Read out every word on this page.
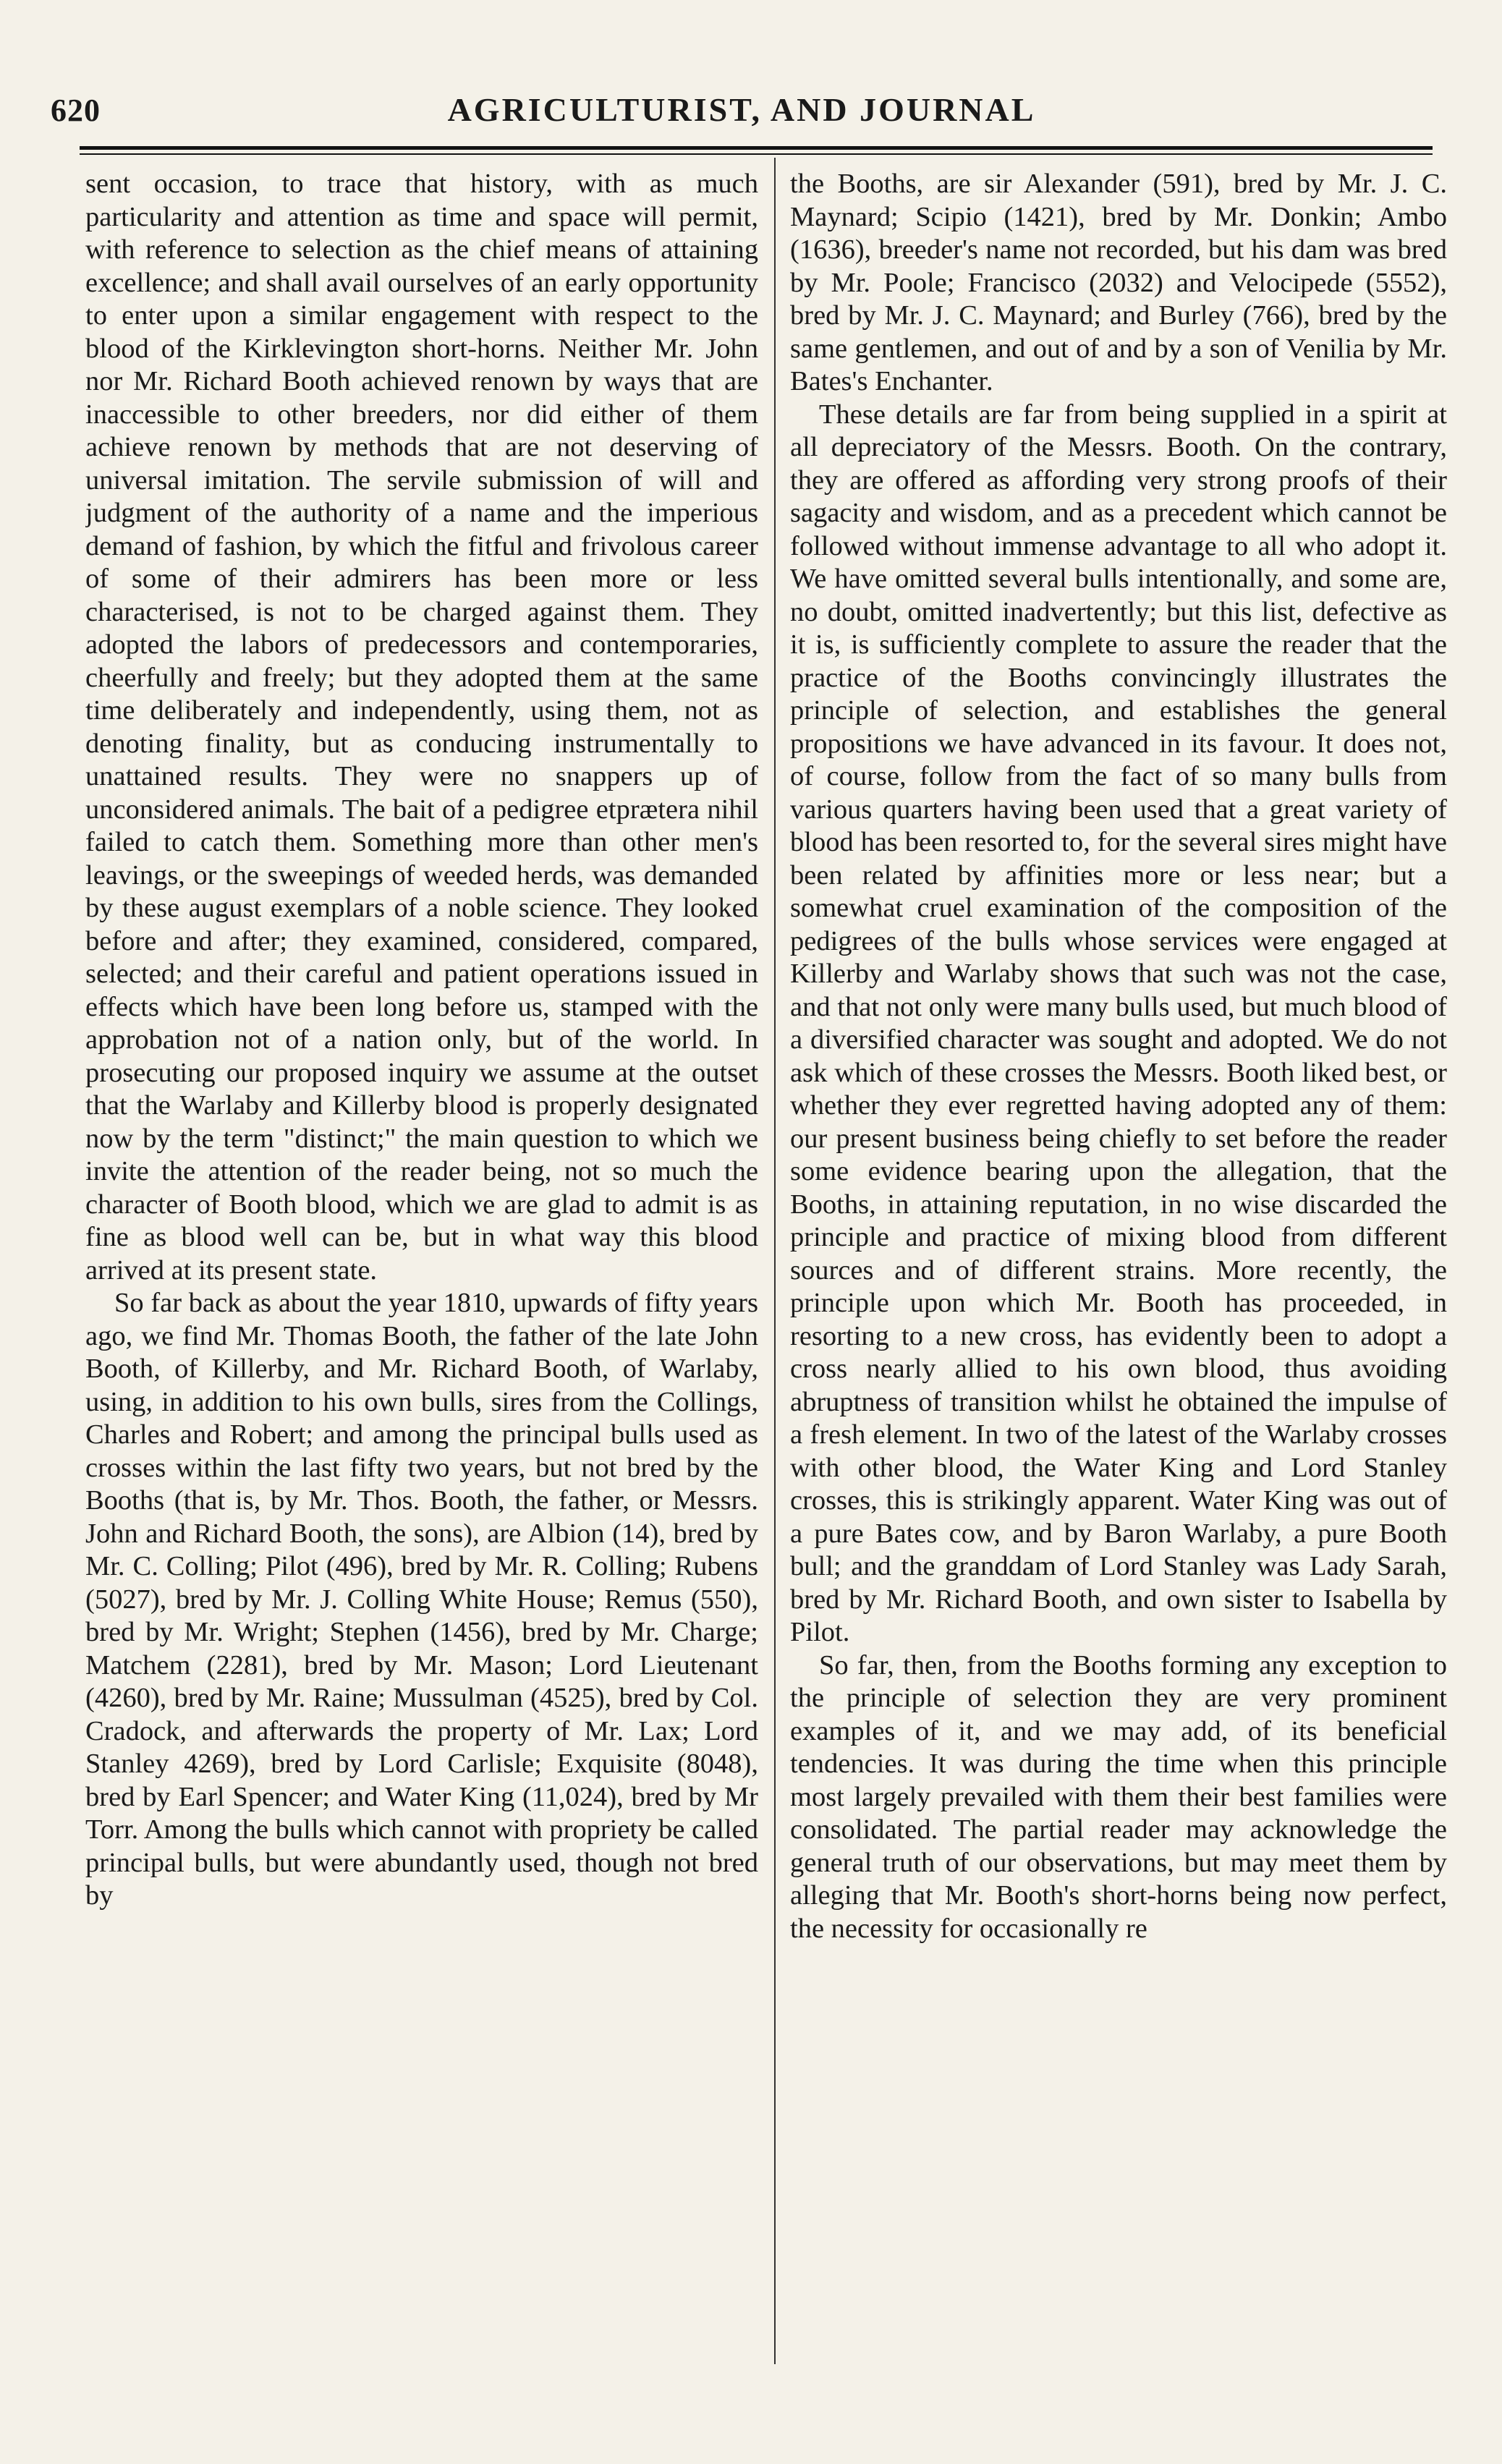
620	AGRICULTURIST, AND JOURNAL

sent occasion, to trace that history, with as much particularity and attention as time and space will permit, with reference to selection as the chief means of attaining excellence; and shall avail ourselves of an early opportunity to enter upon a similar engagement with respect to the blood of the Kirklevington short-horns. Neither Mr. John nor Mr. Richard Booth achieved renown by ways that are inaccessible to other breeders, nor did either of them achieve renown by methods that are not deserving of universal imitation. The servile submission of will and judgment of the authority of a name and the imperious demand of fashion, by which the fitful and frivolous career of some of their admirers has been more or less characterised, is not to be charged against them. They adopted the labors of predecessors and contemporaries, cheerfully and freely; but they adopted them at the same time deliberately and independently, using them, not as denoting finality, but as conducing instrumentally to unattained results. They were no snappers up of unconsidered animals. The bait of a pedigree etprætera nihil failed to catch them. Something more than other men's leavings, or the sweepings of weeded herds, was demanded by these august exemplars of a noble science. They looked before and after; they examined, considered, compared, selected; and their careful and patient operations issued in effects which have been long before us, stamped with the approbation not of a nation only, but of the world. In prosecuting our proposed inquiry we assume at the outset that the Warlaby and Killerby blood is properly designated now by the term "distinct;" the main question to which we invite the attention of the reader being, not so much the character of Booth blood, which we are glad to admit is as fine as blood well can be, but in what way this blood arrived at its present state.

So far back as about the year 1810, upwards of fifty years ago, we find Mr. Thomas Booth, the father of the late John Booth, of Killerby, and Mr. Richard Booth, of Warlaby, using, in addition to his own bulls, sires from the Collings, Charles and Robert; and among the principal bulls used as crosses within the last fifty two years, but not bred by the Booths (that is, by Mr. Thos. Booth, the father, or Messrs. John and Richard Booth, the sons), are Albion (14), bred by Mr. C. Colling; Pilot (496), bred by Mr. R. Colling; Rubens (5027), bred by Mr. J. Colling White House; Remus (550), bred by Mr. Wright; Stephen (1456), bred by Mr. Charge; Matchem (2281), bred by Mr. Mason; Lord Lieutenant (4260), bred by Mr. Raine; Mussulman (4525), bred by Col. Cradock, and afterwards the property of Mr. Lax; Lord Stanley 4269), bred by Lord Carlisle; Exquisite (8048), bred by Earl Spencer; and Water King (11,024), bred by Mr Torr. Among the bulls which cannot with propriety be called principal bulls, but were abundantly used, though not bred by

the Booths, are sir Alexander (591), bred by Mr. J. C. Maynard; Scipio (1421), bred by Mr. Donkin; Ambo (1636), breeder's name not recorded, but his dam was bred by Mr. Poole; Francisco (2032) and Velocipede (5552), bred by Mr. J. C. Maynard; and Burley (766), bred by the same gentlemen, and out of and by a son of Venilia by Mr. Bates's Enchanter.

These details are far from being supplied in a spirit at all depreciatory of the Messrs. Booth. On the contrary, they are offered as affording very strong proofs of their sagacity and wisdom, and as a precedent which cannot be followed without immense advantage to all who adopt it. We have omitted several bulls intentionally, and some are, no doubt, omitted inadvertently; but this list, defective as it is, is sufficiently complete to assure the reader that the practice of the Booths convincingly illustrates the principle of selection, and establishes the general propositions we have advanced in its favour. It does not, of course, follow from the fact of so many bulls from various quarters having been used that a great variety of blood has been resorted to, for the several sires might have been related by affinities more or less near; but a somewhat cruel examination of the composition of the pedigrees of the bulls whose services were engaged at Killerby and Warlaby shows that such was not the case, and that not only were many bulls used, but much blood of a diversified character was sought and adopted. We do not ask which of these crosses the Messrs. Booth liked best, or whether they ever regretted having adopted any of them: our present business being chiefly to set before the reader some evidence bearing upon the allegation, that the Booths, in attaining reputation, in no wise discarded the principle and practice of mixing blood from different sources and of different strains. More recently, the principle upon which Mr. Booth has proceeded, in resorting to a new cross, has evidently been to adopt a cross nearly allied to his own blood, thus avoiding abruptness of transition whilst he obtained the impulse of a fresh element. In two of the latest of the Warlaby crosses with other blood, the Water King and Lord Stanley crosses, this is strikingly apparent. Water King was out of a pure Bates cow, and by Baron Warlaby, a pure Booth bull; and the granddam of Lord Stanley was Lady Sarah, bred by Mr. Richard Booth, and own sister to Isabella by Pilot.

So far, then, from the Booths forming any exception to the principle of selection they are very prominent examples of it, and we may add, of its beneficial tendencies. It was during the time when this principle most largely prevailed with them their best families were consolidated. The partial reader may acknowledge the general truth of our observations, but may meet them by alleging that Mr. Booth's short-horns being now perfect, the necessity for occasionally re
